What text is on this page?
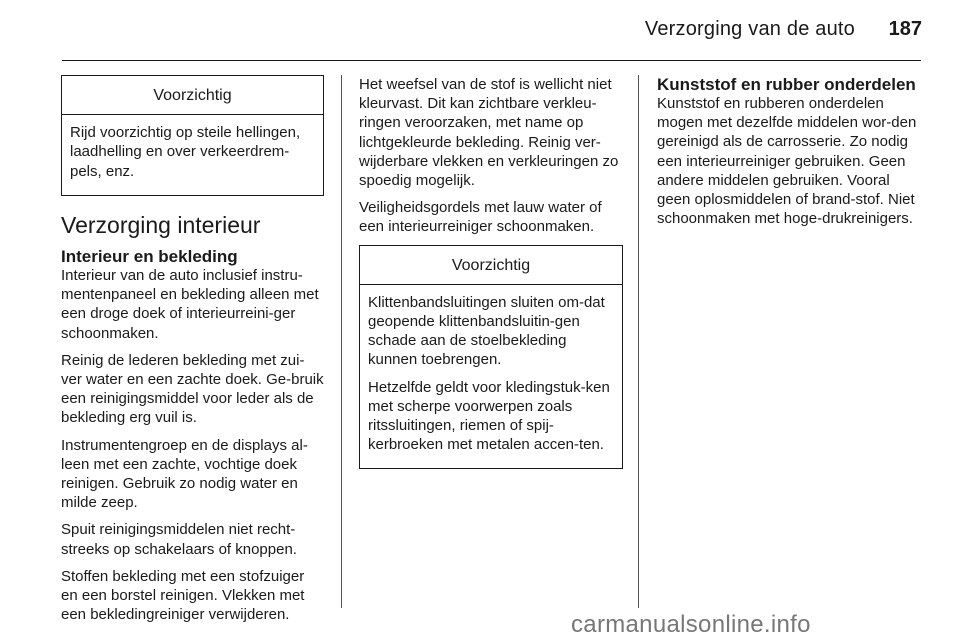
Verzorging van de auto	187
Voorzichtig

Rijd voorzichtig op steile hellingen, laadhelling en over verkeerdrem-pels, enz.

Verzorging interieur
Interieur en bekleding

Interieur van de auto inclusief instru-mentenpaneel en bekleding alleen met een droge doek of interieurreini-ger schoonmaken.

Reinig de lederen bekleding met zui-ver water en een zachte doek. Ge-bruik een reinigingsmiddel voor leder als de bekleding erg vuil is.

Instrumentengroep en de displays al-leen met een zachte, vochtige doek reinigen. Gebruik zo nodig water en milde zeep.

Spuit reinigingsmiddelen niet recht-streeks op schakelaars of knoppen.

Stoffen bekleding met een stofzuiger en een borstel reinigen. Vlekken met een bekledingreiniger verwijderen.

Het weefsel van de stof is wellicht niet kleurvast. Dit kan zichtbare verkleu-ringen veroorzaken, met name op lichtgekleurde bekleding. Reinig ver-wijderbare vlekken en verkleuringen zo spoedig mogelijk.

Veiligheidsgordels met lauw water of een interieurreiniger schoonmaken.

Voorzichtig

Klittenbandsluitingen sluiten om-dat geopende klittenbandsluitin-gen schade aan de stoelbekleding kunnen toebrengen.

Hetzelfde geldt voor kledingstuk-ken met scherpe voorwerpen zoals ritssluitingen, riemen of spij-kerbroeken met metalen accen-ten.

Kunststof en rubber onderdelen

Kunststof en rubberen onderdelen mogen met dezelfde middelen wor-den gereinigd als de carrosserie. Zo nodig een interieurreiniger gebruiken. Geen andere middelen gebruiken. Vooral geen oplosmiddelen of brand-stof. Niet schoonmaken met hoge-drukreinigers.

carmanualsonline.info
